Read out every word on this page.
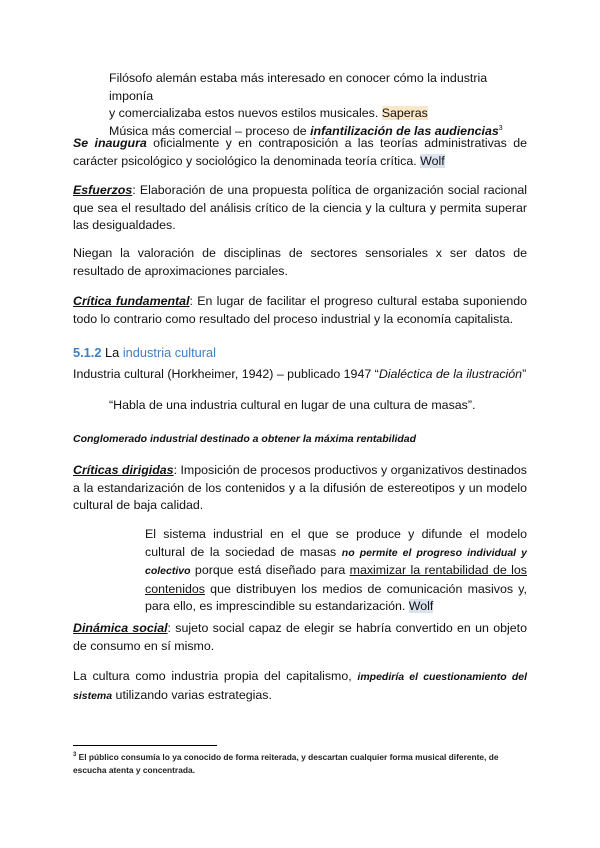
Filósofo alemán estaba más interesado en conocer cómo la industria imponía
y comercializaba estos nuevos estilos musicales. Saperas
Música más comercial – proceso de infantilización de las audiencias$^3$

Se inaugura oficialmente y en contraposición a las teorías administrativas de carácter psicológico y sociológico la denominada teoría crítica. Wolf

Esfuerzos: Elaboración de una propuesta política de organización social racional que sea el resultado del análisis crítico de la ciencia y la cultura y permita superar las desigualdades.

Niegan la valoración de disciplinas de sectores sensoriales x ser datos de resultado de aproximaciones parciales.

Crítica fundamental: En lugar de facilitar el progreso cultural estaba suponiendo todo lo contrario como resultado del proceso industrial y la economía capitalista.

5.1.2 La industria cultural

Industria cultural (Horkheimer, 1942) – publicado 1947 “Dialéctica de la ilustración”

“Habla de una industria cultural en lugar de una cultura de masas”.

Conglomerado industrial destinado a obtener la máxima rentabilidad

Críticas dirigidas: Imposición de procesos productivos y organizativos destinados a la estandarización de los contenidos y a la difusión de estereotipos y un modelo cultural de baja calidad.

El sistema industrial en el que se produce y difunde el modelo cultural de la sociedad de masas no permite el progreso individual y colectivo porque está diseñado para maximizar la rentabilidad de los contenidos que distribuyen los medios de comunicación masivos y, para ello, es imprescindible su estandarización. Wolf

Dinámica social: sujeto social capaz de elegir se habría convertido en un objeto de consumo en sí mismo.

La cultura como industria propia del capitalismo, impediría el cuestionamiento del sistema utilizando varias estrategias.

$^3$ El público consumía lo ya conocido de forma reiterada, y descartan cualquier forma musical diferente, de escucha atenta y concentrada.
